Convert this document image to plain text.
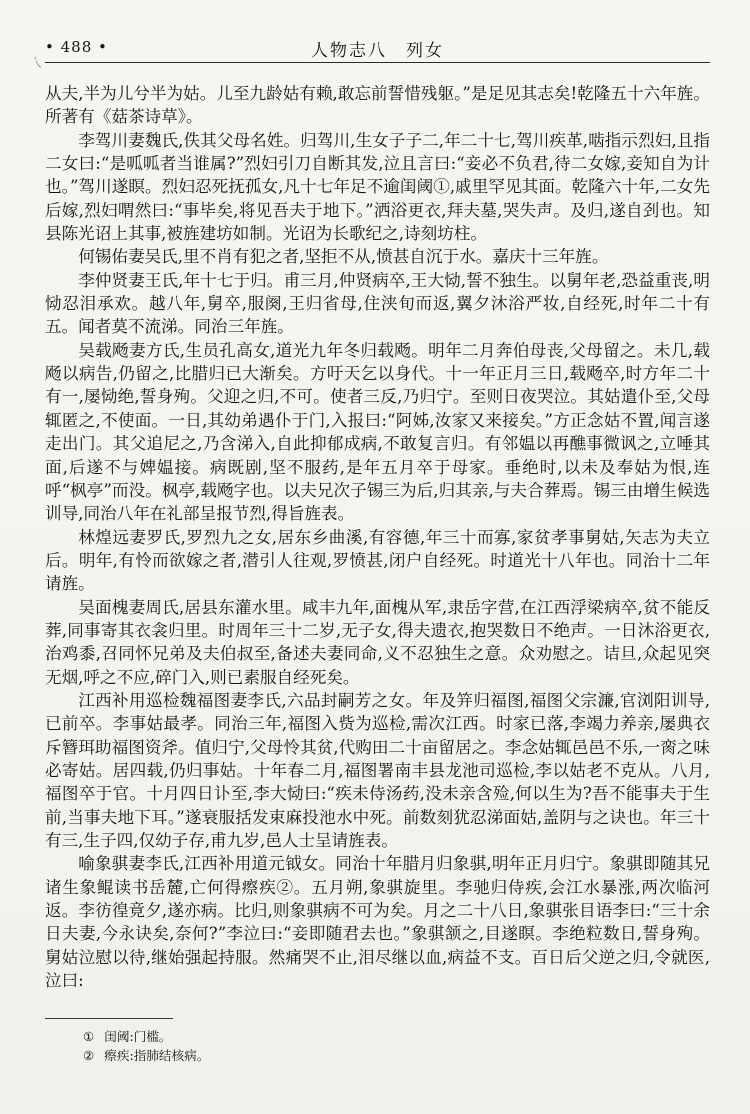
• 488 •	人物志八　列女
乀

从夫,半为儿兮半为姑。儿至九龄姑有赖,敢忘前誓惜残躯。”是足见其志矣!乾隆五十六年旌。所著有《菇茶诗草》。

李驾川妻魏氏,佚其父母名姓。归驾川,生女子子二,年二十七,驾川疾革,啮指示烈妇,且指二女曰:“是呱呱者当谁属?”烈妇引刀自断其发,泣且言曰:“妾必不负君,待二女嫁,妾知自为计也。”驾川遂瞑。烈妇忍死抚孤女,凡十七年足不逾闺阈①,戚里罕见其面。乾隆六十年,二女先后嫁,烈妇喟然曰:“事毕矣,将见吾夫于地下。”洒浴更衣,拜夫墓,哭失声。及归,遂自刭也。知县陈光诏上其事,被旌建坊如制。光诏为长歌纪之,诗刻坊柱。

何锡佑妻吴氏,里不肖有犯之者,坚拒不从,愤甚自沉于水。嘉庆十三年旌。

李仲贤妻王氏,年十七于归。甫三月,仲贤病卒,王大恸,誓不独生。以舅年老,恐益重丧,明恸忍泪承欢。越八年,舅卒,服阕,王归省母,住浃旬而返,翼夕沐浴严妆,自经死,时年二十有五。闻者莫不流涕。同治三年旌。

吴载飏妻方氏,生员孔高女,道光九年冬归载飏。明年二月奔伯母丧,父母留之。未几,载飏以病告,仍留之,比腊归已大渐矣。方吁天乞以身代。十一年正月三日,载飏卒,时方年二十有一,屡恸绝,誓身殉。父迎之归,不可。使者三反,乃归宁。至则日夜哭泣。其姑遣仆至,父母辄匿之,不使面。一日,其幼弟遇仆于门,入报曰:“阿姊,汝家又来接矣。”方正念姑不置,闻言遂走出门。其父追尼之,乃含涕入,自此抑郁成病,不敢复言归。有邻媪以再醮事微讽之,立唾其面,后遂不与婢媪接。病既剧,坚不服药,是年五月卒于母家。垂绝时,以未及奉姑为恨,连呼“枫亭”而没。枫亭,载飏字也。以夫兄次子锡三为后,归其亲,与夫合葬焉。锡三由增生候选训导,同治八年在礼部呈报节烈,得旨旌表。

林煌远妻罗氏,罗烈九之女,居东乡曲溪,有容德,年三十而寡,家贫孝事舅姑,矢志为夫立后。明年,有怜而欲嫁之者,潜引人往观,罗愤甚,闭户自经死。时道光十八年也。同治十二年请旌。

吴面槐妻周氏,居县东灌水里。咸丰九年,面槐从军,隶岳字营,在江西浮梁病卒,贫不能反葬,同事寄其衣衾归里。时周年三十二岁,无子女,得夫遗衣,抱哭数日不绝声。一日沐浴更衣,治鸡黍,召同怀兄弟及夫伯叔至,备述夫妻同命,义不忍独生之意。众劝慰之。诘旦,众起见突无烟,呼之不应,碎门入,则已素服自经死矣。

江西补用巡检魏福图妻李氏,六品封嗣芳之女。年及笄归福图,福图父宗濂,官浏阳训导,已前卒。李事姑最孝。同治三年,福图入赀为巡检,需次江西。时家已落,李竭力养亲,屡典衣斥簪珥助福图资斧。值归宁,父母怜其贫,代购田二十亩留居之。李念姑辄邑邑不乐,一脔之味必寄姑。居四载,仍归事姑。十年春二月,福图署南丰县龙池司巡检,李以姑老不克从。八月,福图卒于官。十月四日讣至,李大恸曰:“疾未侍汤药,没未亲含殓,何以生为?吾不能事夫于生前,当事夫地下耳。”遂衰服括发束麻投池水中死。前数刻犹忍涕面姑,盖阴与之诀也。年三十有三,生子四,仅幼子存,甫九岁,邑人士呈请旌表。

喻象骐妻李氏,江西补用道元钺女。同治十年腊月归象骐,明年正月归宁。象骐即随其兄诸生象鲲读书岳麓,亡何得瘵疾②。五月朔,象骐旋里。李驰归侍疾,会江水暴涨,两次临河返。李彷徨竟夕,遂亦病。比归,则象骐病不可为矣。月之二十八日,象骐张目语李曰:“三十余日夫妻,今永诀矣,奈何?”李泣曰:“妾即随君去也。”象骐颔之,目遂瞑。李绝粒数日,誓身殉。舅姑泣慰以待,继始强起持服。然痛哭不止,泪尽继以血,病益不支。百日后父逆之归,令就医,泣曰:

① 闺阈:门槛。
② 瘵疾:指肺结核病。
